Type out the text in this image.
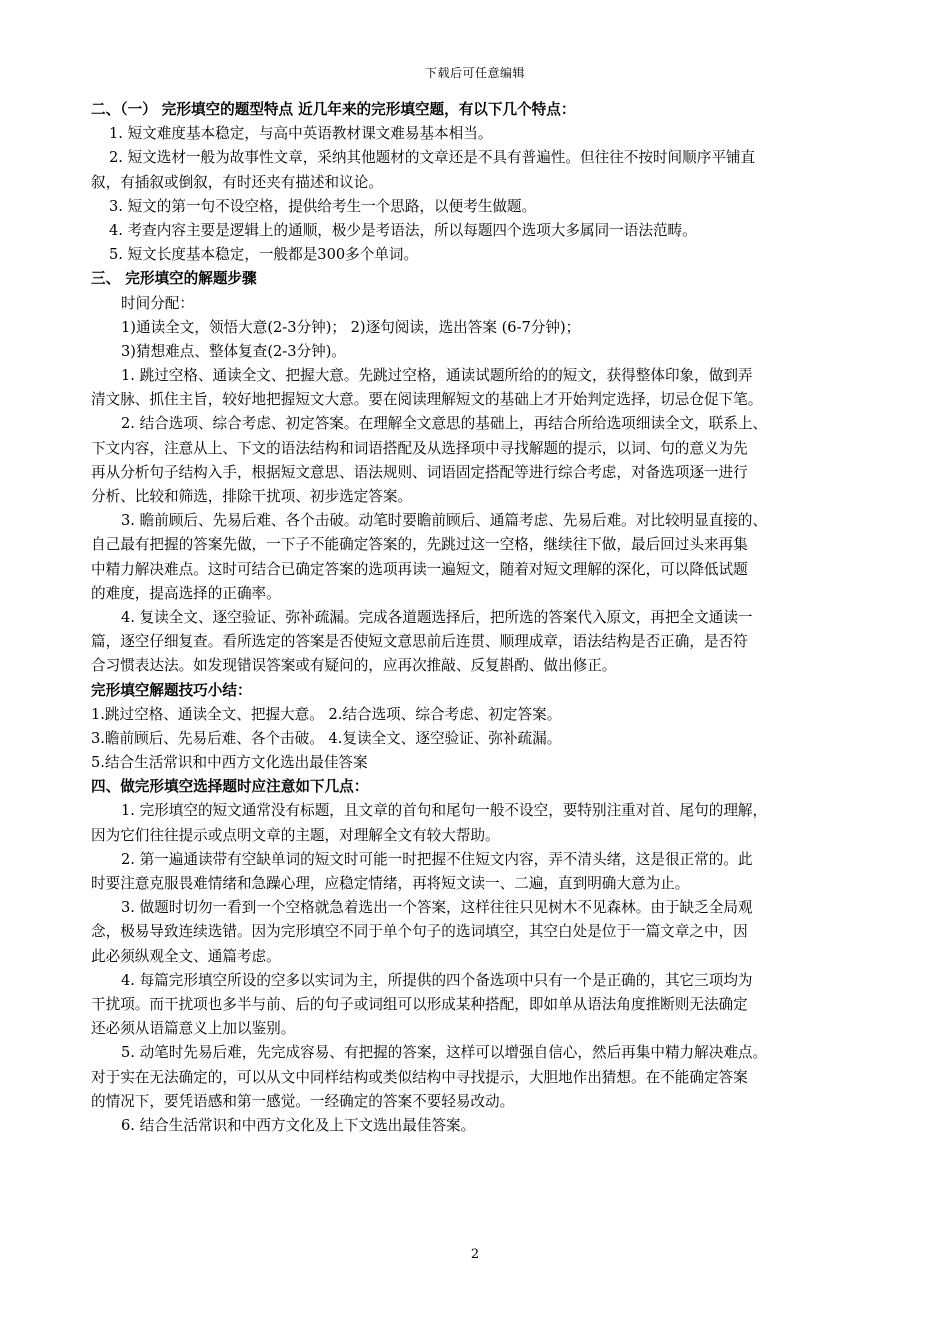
下载后可任意编辑
二、（一） 完形填空的题型特点 近几年来的完形填空题，有以下几个特点：
1. 短文难度基本稳定，与高中英语教材课文难易基本相当。
2. 短文选材一般为故事性文章，采纳其他题材的文章还是不具有普遍性。但往往不按时间顺序平铺直
叙，有插叙或倒叙，有时还夹有描述和议论。
3. 短文的第一句不设空格，提供给考生一个思路，以便考生做题。
4. 考查内容主要是逻辑上的通顺，极少是考语法，所以每题四个选项大多属同一语法范畴。
5. 短文长度基本稳定，一般都是300多个单词。
三、 完形填空的解题步骤
时间分配：
1)通读全文，领悟大意(2-3分钟)； 2)逐句阅读，选出答案 (6-7分钟)；
3)猜想难点、整体复查(2-3分钟)。
1. 跳过空格、通读全文、把握大意。先跳过空格，通读试题所给的的短文，获得整体印象，做到弄
清文脉、抓住主旨，较好地把握短文大意。要在阅读理解短文的基础上才开始判定选择，切忌仓促下笔。
2. 结合选项、综合考虑、初定答案。在理解全文意思的基础上，再结合所给选项细读全文，联系上、
下文内容，注意从上、下文的语法结构和词语搭配及从选择项中寻找解题的提示，以词、句的意义为先
再从分析句子结构入手，根据短文意思、语法规则、词语固定搭配等进行综合考虑，对备选项逐一进行
分析、比较和筛选，排除干扰项、初步选定答案。
3. 瞻前顾后、先易后难、各个击破。动笔时要瞻前顾后、通篇考虑、先易后难。对比较明显直接的、
自己最有把握的答案先做，一下子不能确定答案的，先跳过这一空格，继续往下做，最后回过头来再集
中精力解决难点。这时可结合已确定答案的选项再读一遍短文，随着对短文理解的深化，可以降低试题
的难度，提高选择的正确率。
4. 复读全文、逐空验证、弥补疏漏。完成各道题选择后，把所选的答案代入原文，再把全文通读一
篇，逐空仔细复查。看所选定的答案是否使短文意思前后连贯、顺理成章，语法结构是否正确，是否符
合习惯表达法。如发现错误答案或有疑问的，应再次推敲、反复斟酌、做出修正。
完形填空解题技巧小结：
1.跳过空格、通读全文、把握大意。 2.结合选项、综合考虑、初定答案。
3.瞻前顾后、先易后难、各个击破。 4.复读全文、逐空验证、弥补疏漏。
5.结合生活常识和中西方文化选出最佳答案
四、做完形填空选择题时应注意如下几点：
1. 完形填空的短文通常没有标题，且文章的首句和尾句一般不设空，要特别注重对首、尾句的理解，
因为它们往往提示或点明文章的主题，对理解全文有较大帮助。
2. 第一遍通读带有空缺单词的短文时可能一时把握不住短文内容，弄不清头绪，这是很正常的。此
时要注意克服畏难情绪和急躁心理，应稳定情绪，再将短文读一、二遍，直到明确大意为止。
3. 做题时切勿一看到一个空格就急着选出一个答案，这样往往只见树木不见森林。由于缺乏全局观
念，极易导致连续选错。因为完形填空不同于单个句子的选词填空，其空白处是位于一篇文章之中，因
此必须纵观全文、通篇考虑。
4. 每篇完形填空所设的空多以实词为主，所提供的四个备选项中只有一个是正确的，其它三项均为
干扰项。而干扰项也多半与前、后的句子或词组可以形成某种搭配，即如单从语法角度推断则无法确定
还必须从语篇意义上加以鉴别。
5. 动笔时先易后难，先完成容易、有把握的答案，这样可以增强自信心，然后再集中精力解决难点。
对于实在无法确定的，可以从文中同样结构或类似结构中寻找提示，大胆地作出猜想。在不能确定答案
的情况下，要凭语感和第一感觉。一经确定的答案不要轻易改动。
6. 结合生活常识和中西方文化及上下文选出最佳答案。
2
